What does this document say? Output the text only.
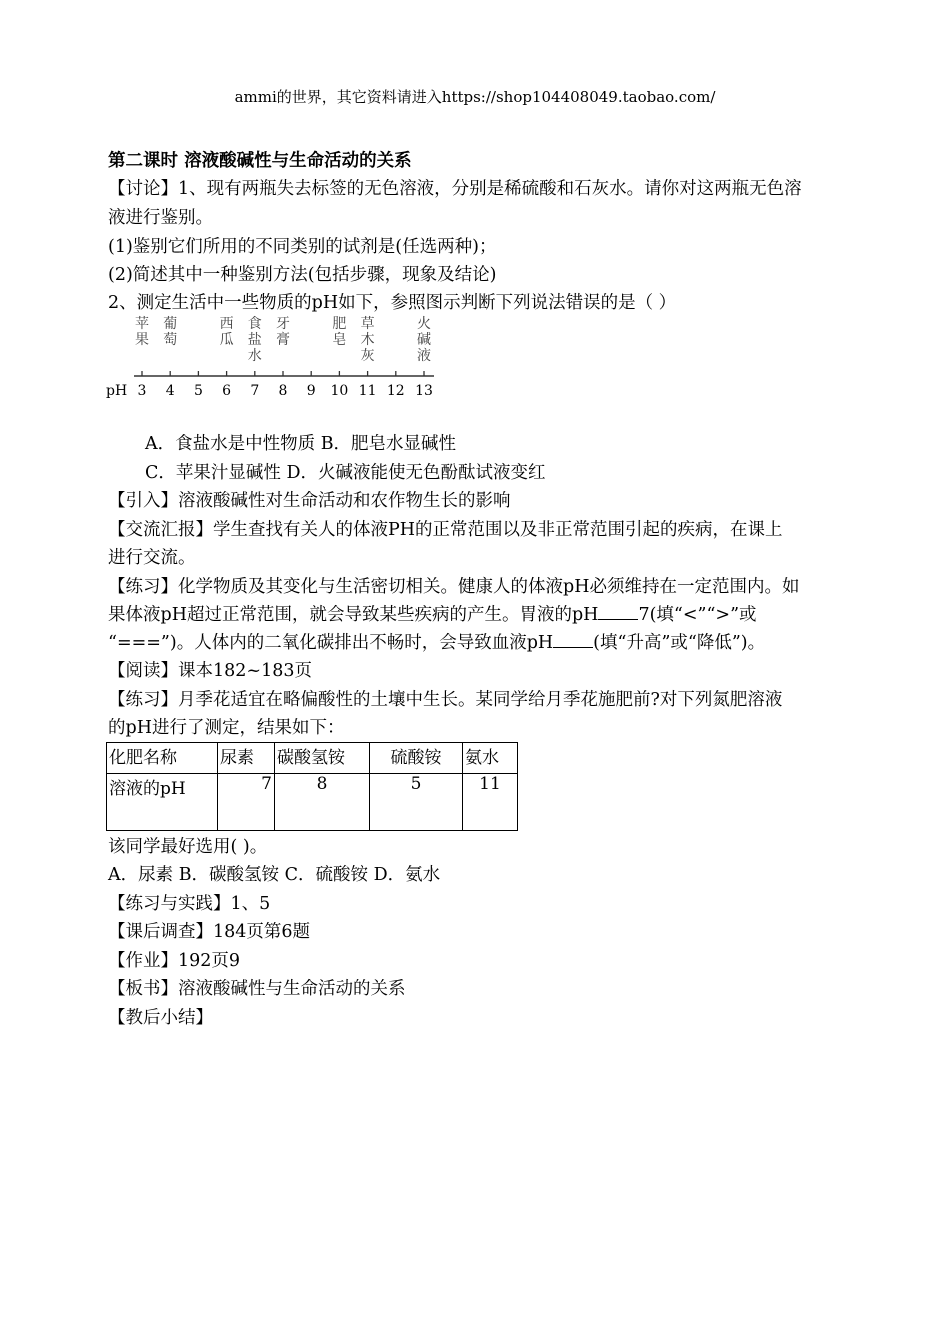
ammi的世界，其它资料请进入https://shop104408049.taobao.com/
第二课时 溶液酸碱性与生命活动的关系
【讨论】1、现有两瓶失去标签的无色溶液，分别是稀硫酸和石灰水。请你对这两瓶无色溶
液进行鉴别。
(1)鉴别它们所用的不同类别的试剂是(任选两种)；
(2)简述其中一种鉴别方法(包括步骤，现象及结论)
2、测定生活中一些物质的pH如下，参照图示判断下列说法错误的是（ ）
苹果
葡萄
西瓜
食盐水
牙膏
肥皂
草木灰
火碱液
3 4 5 6 7 8 9 10 11 12 13
pH
A．食盐水是中性物质 B．肥皂水显碱性
C．苹果汁显碱性 D．火碱液能使无色酚酞试液变红
【引入】溶液酸碱性对生命活动和农作物生长的影响
【交流汇报】学生查找有关人的体液PH的正常范围以及非正常范围引起的疾病，在课上
进行交流。
【练习】化学物质及其变化与生活密切相关。健康人的体液pH必须维持在一定范围内。如
果体液pH超过正常范围，就会导致某些疾病的产生。胃液的pH 7(填“<”“>”或
“===”)。人体内的二氧化碳排出不畅时，会导致血液pH (填“升高”或“降低”)。
【阅读】课本182~183页
【练习】月季花适宜在略偏酸性的土壤中生长。某同学给月季花施肥前?对下列氮肥溶液
的pH进行了测定，结果如下：
化肥名称	尿素	碳酸氢铵	硫酸铵	氨水
溶液的pH	7	8	5	11
该同学最好选用( )。
A．尿素 B．碳酸氢铵 C．硫酸铵 D．氨水
【练习与实践】1、5
【课后调查】184页第6题
【作业】192页9
【板书】溶液酸碱性与生命活动的关系
【教后小结】
